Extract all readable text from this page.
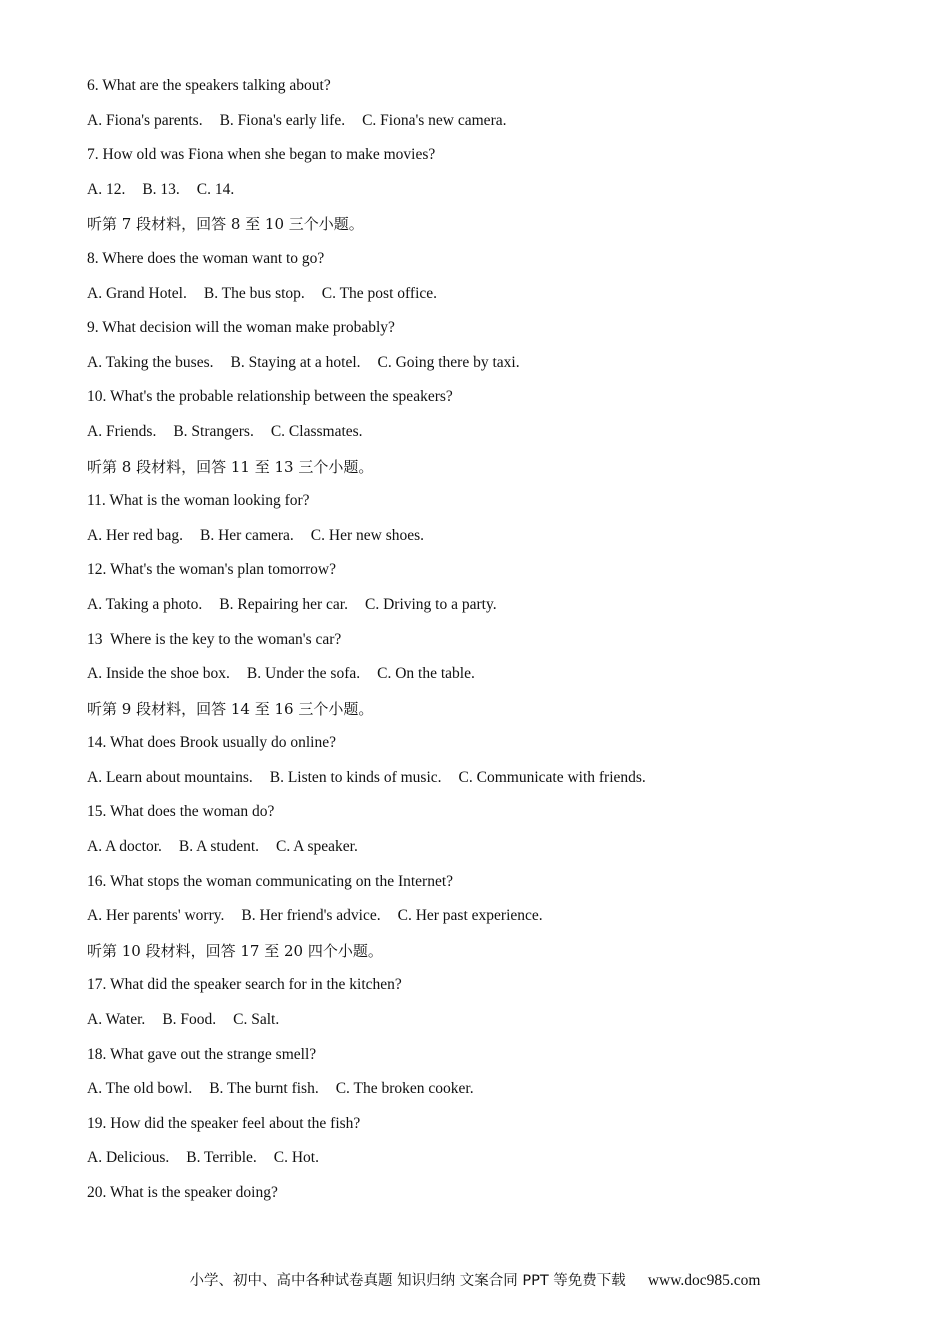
6. What are the speakers talking about?
A. Fiona's parents. B. Fiona's early life. C. Fiona's new camera.
7. How old was Fiona when she began to make movies?
A. 12. B. 13. C. 14.
听第 7 段材料，回答 8 至 10 三个小题。
8. Where does the woman want to go?
A. Grand Hotel. B. The bus stop. C. The post office.
9. What decision will the woman make probably?
A. Taking the buses. B. Staying at a hotel. C. Going there by taxi.
10. What's the probable relationship between the speakers?
A. Friends. B. Strangers. C. Classmates.
听第 8 段材料，回答 11 至 13 三个小题。
11. What is the woman looking for?
A. Her red bag. B. Her camera. C. Her new shoes.
12. What's the woman's plan tomorrow?
A. Taking a photo. B. Repairing her car. C. Driving to a party.
13  Where is the key to the woman's car?
A. Inside the shoe box. B. Under the sofa. C. On the table.
听第 9 段材料，回答 14 至 16 三个小题。
14. What does Brook usually do online?
A. Learn about mountains. B. Listen to kinds of music. C. Communicate with friends.
15. What does the woman do?
A. A doctor. B. A student. C. A speaker.
16. What stops the woman communicating on the Internet?
A. Her parents' worry. B. Her friend's advice. C. Her past experience.
听第 10 段材料，回答 17 至 20 四个小题。
17. What did the speaker search for in the kitchen?
A. Water. B. Food. C. Salt.
18. What gave out the strange smell?
A. The old bowl. B. The burnt fish. C. The broken cooker.
19. How did the speaker feel about the fish?
A. Delicious. B. Terrible. C. Hot.
20. What is the speaker doing?
小学、初中、高中各种试卷真题 知识归纳 文案合同 PPT 等免费下载 www.doc985.com
